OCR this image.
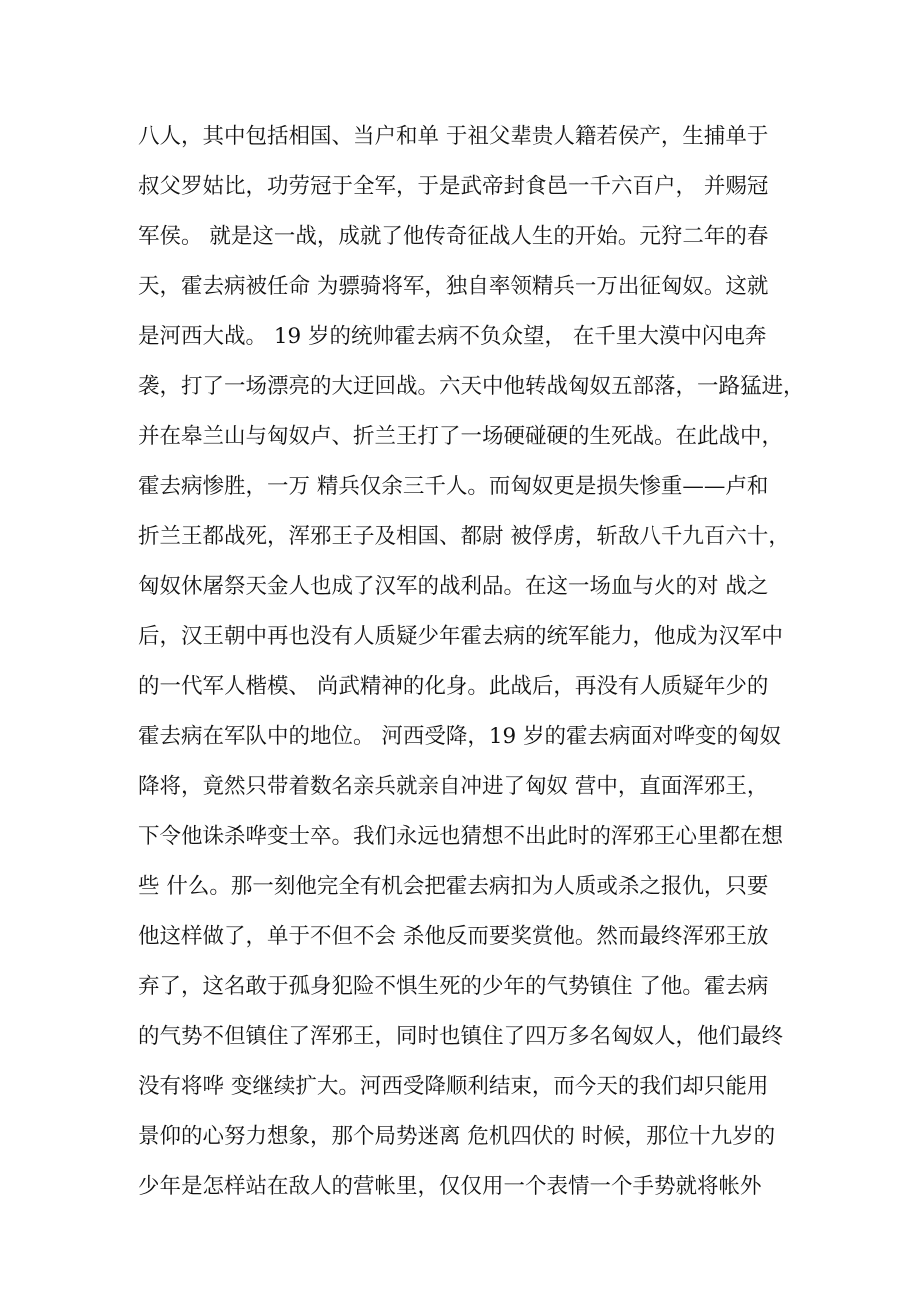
八人，其中包括相国、当户和单 于祖父辈贵人籍若侯产，生捕单于
叔父罗姑比，功劳冠于全军，于是武帝封食邑一千六百户， 并赐冠
军侯。 就是这一战，成就了他传奇征战人生的开始。元狩二年的春
天，霍去病被任命 为骠骑将军，独自率领精兵一万出征匈奴。这就
是河西大战。 19 岁的统帅霍去病不负众望， 在千里大漠中闪电奔
袭，打了一场漂亮的大迂回战。六天中他转战匈奴五部落，一路猛进，
并在皋兰山与匈奴卢、折兰王打了一场硬碰硬的生死战。在此战中，
霍去病惨胜，一万 精兵仅余三千人。而匈奴更是损失惨重——卢和
折兰王都战死，浑邪王子及相国、都尉 被俘虏，斩敌八千九百六十，
匈奴休屠祭天金人也成了汉军的战利品。在这一场血与火的对 战之
后，汉王朝中再也没有人质疑少年霍去病的统军能力，他成为汉军中
的一代军人楷模、 尚武精神的化身。此战后，再没有人质疑年少的
霍去病在军队中的地位。 河西受降，19 岁的霍去病面对哗变的匈奴
降将，竟然只带着数名亲兵就亲自冲进了匈奴 营中，直面浑邪王，
下令他诛杀哗变士卒。我们永远也猜想不出此时的浑邪王心里都在想
些 什么。那一刻他完全有机会把霍去病扣为人质或杀之报仇，只要
他这样做了，单于不但不会 杀他反而要奖赏他。然而最终浑邪王放
弃了，这名敢于孤身犯险不惧生死的少年的气势镇住 了他。霍去病
的气势不但镇住了浑邪王，同时也镇住了四万多名匈奴人，他们最终
没有将哗 变继续扩大。河西受降顺利结束，而今天的我们却只能用
景仰的心努力想象，那个局势迷离 危机四伏的 时候，那位十九岁的
少年是怎样站在敌人的营帐里，仅仅用一个表情一个手势就将帐外
